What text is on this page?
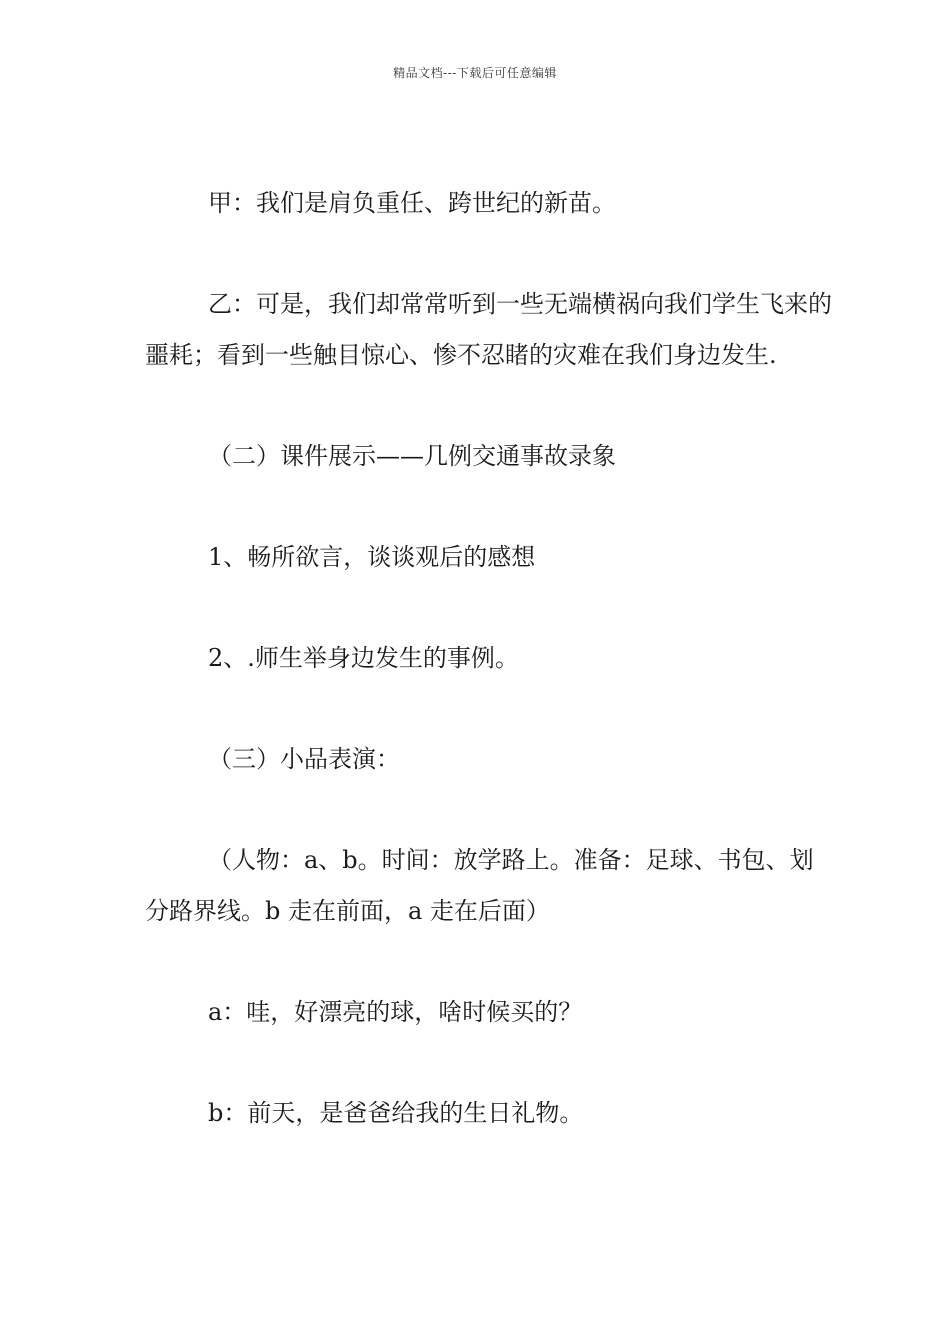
精品文档---下载后可任意编辑

甲：我们是肩负重任、跨世纪的新苗。

乙：可是，我们却常常听到一些无端横祸向我们学生飞来的噩耗；看到一些触目惊心、惨不忍睹的灾难在我们身边发生.

（二）课件展示——几例交通事故录象

1、畅所欲言，谈谈观后的感想

2、.师生举身边发生的事例。

（三）小品表演：

（人物：a、b。时间：放学路上。准备：足球、书包、划分路界线。b 走在前面，a 走在后面）

a：哇，好漂亮的球，啥时候买的？

b：前天，是爸爸给我的生日礼物。
